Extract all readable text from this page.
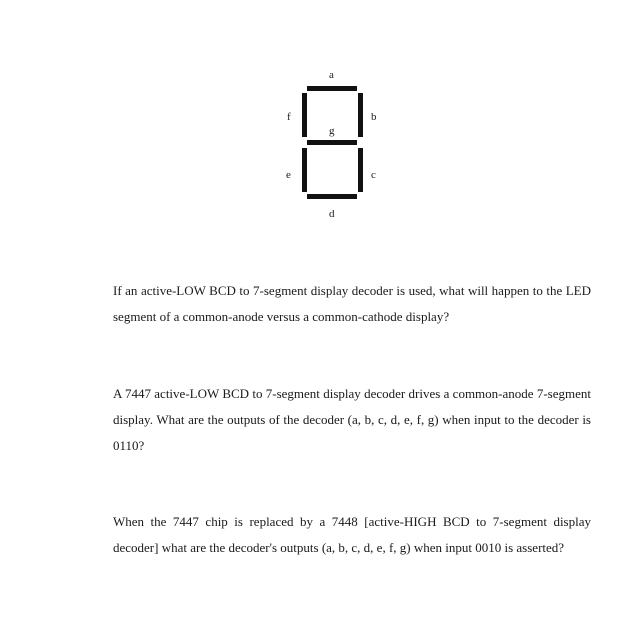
a
b
c
d
e
f
g

If an active-LOW BCD to 7-segment display decoder is used, what will happen to the LED segment of a common-anode versus a common-cathode display?

A 7447 active-LOW BCD to 7-segment display decoder drives a common-anode 7-segment display. What are the outputs of the decoder (a, b, c, d, e, f, g) when input to the decoder is 0110?

When the 7447 chip is replaced by a 7448 [active-HIGH BCD to 7-segment display decoder] what are the decoder's outputs (a, b, c, d, e, f, g) when input 0010 is asserted?
